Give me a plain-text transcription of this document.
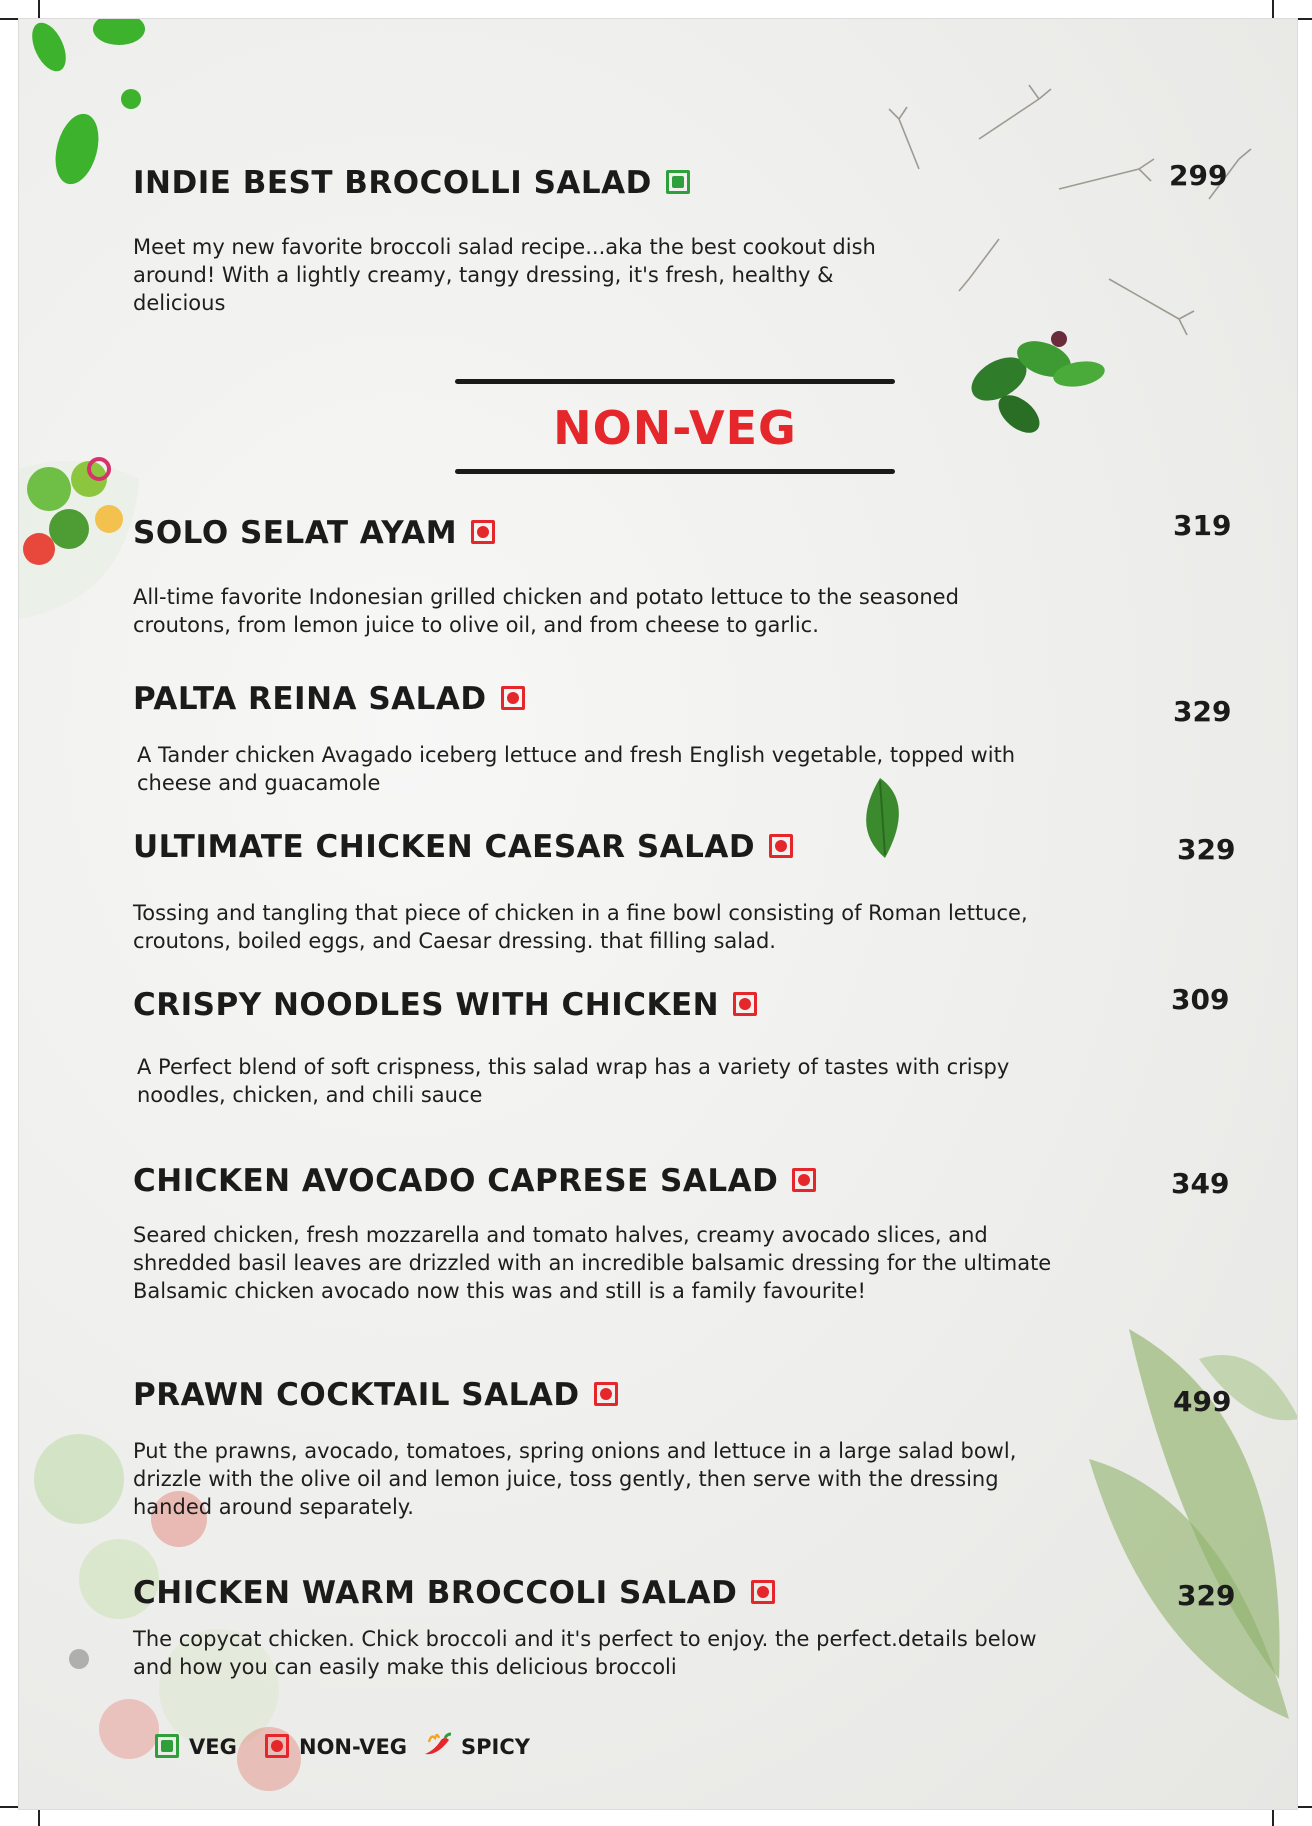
INDIE BEST BROCOLLI SALAD
Meet my new favorite broccoli salad recipe...aka the best cookout dish around! With a lightly creamy, tangy dressing, it's fresh, healthy & delicious
299
NON-VEG
SOLO SELAT AYAM
All-time favorite Indonesian grilled chicken and potato lettuce to the seasoned croutons, from lemon juice to olive oil, and from cheese to garlic.
319
PALTA REINA SALAD
A Tander chicken Avagado iceberg lettuce and fresh English vegetable, topped with cheese and guacamole
329
ULTIMATE CHICKEN CAESAR SALAD
Tossing and tangling that piece of chicken in a fine bowl consisting of Roman lettuce, croutons, boiled eggs, and Caesar dressing. that filling salad.
329
CRISPY NOODLES WITH CHICKEN
A Perfect blend of soft crispness, this salad wrap has a variety of tastes with crispy noodles, chicken, and chili sauce
309
CHICKEN AVOCADO CAPRESE SALAD
Seared chicken, fresh mozzarella and tomato halves, creamy avocado slices, and shredded basil leaves are drizzled with an incredible balsamic dressing for the ultimate Balsamic chicken avocado now this was and still is a family favourite!
349
PRAWN COCKTAIL SALAD
Put the prawns, avocado, tomatoes, spring onions and lettuce in a large salad bowl, drizzle with the olive oil and lemon juice, toss gently, then serve with the dressing handed around separately.
499
CHICKEN WARM BROCCOLI SALAD
The copycat chicken. Chick broccoli and it's perfect to enjoy. the perfect.details below and how you can easily make this delicious broccoli
329
VEG	NON-VEG	SPICY
